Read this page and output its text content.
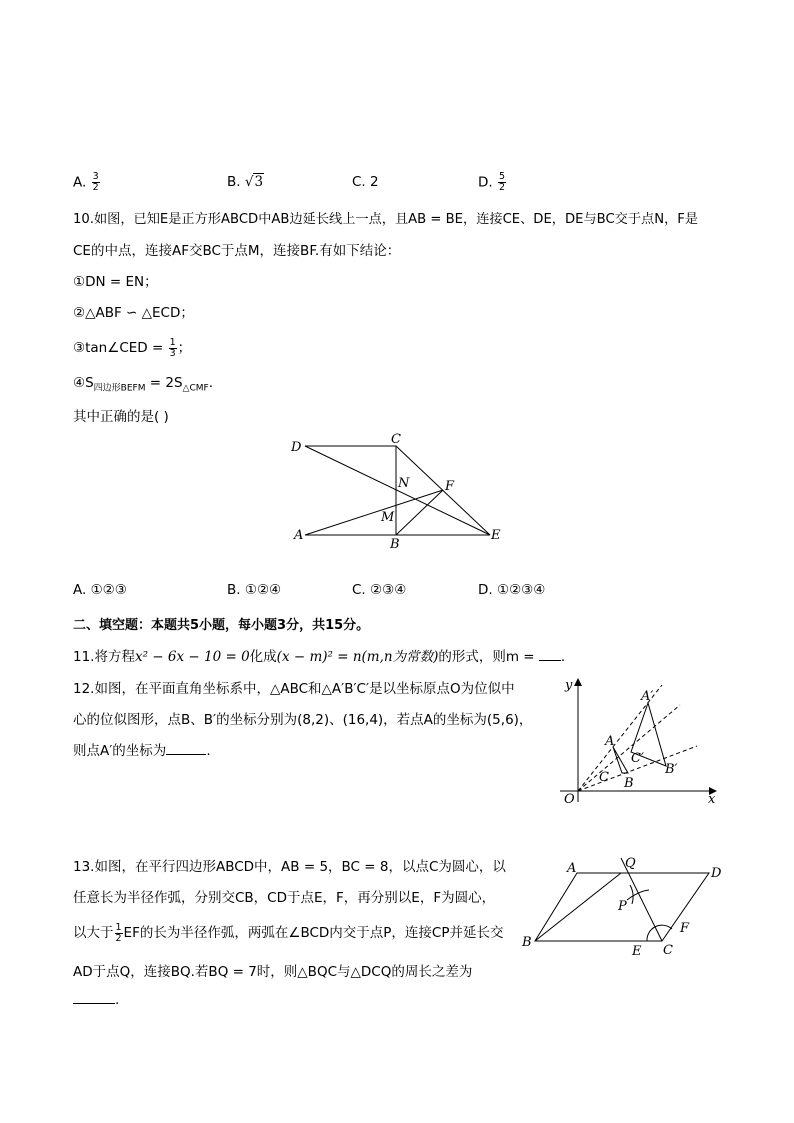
A. $\frac{3}{2}$	B. √3	C. 2	D. $\frac{5}{2}$
10.如图，已知E是正方形ABCD中AB边延长线上一点，且AB = BE，连接CE、DE，DE与BC交于点N，F是
CE的中点，连接AF交BC于点M，连接BF.有如下结论：
①DN = EN；
②△ABF ∽ △ECD；
③tan∠CED = $\frac{1}{3}$ ；
$④S_{四边形BEFM} = 2S_{\triangle CMF}$.
其中正确的是( )
D
C
N	F
M
A
B
E
A. ①②③	B. ①②④	C. ②③④	D. ①②③④
二、填空题：本题共5小题，每小题3分，共15分。
11.将方程x² − 6x − 10 = 0化成(x − m)² = n(m,n为常数)的形式，则m = .
12.如图，在平面直角坐标系中，△ABC和△A′B′C′是以坐标原点O为位似中
心的位似图形，点B、B′的坐标分别为(8,2)、(16,4)，若点A的坐标为(5,6)，
则点A′的坐标为	.
y
x
O
A
B
C
A′
B′
C′
13.如图，在平行四边形ABCD中，AB = 5，BC = 8，以点C为圆心，以
任意长为半径作弧，分别交CB，CD于点E，F，再分别以E，F为圆心，
以大于 $\frac{1}{2}$ EF的长为半径作弧，两弧在∠BCD内交于点P，连接CP并延长交
AD于点Q，连接BQ.若BQ = 7时，则△BQC与△DCQ的周长之差为
.
A	Q
D
P
F
B
E C
